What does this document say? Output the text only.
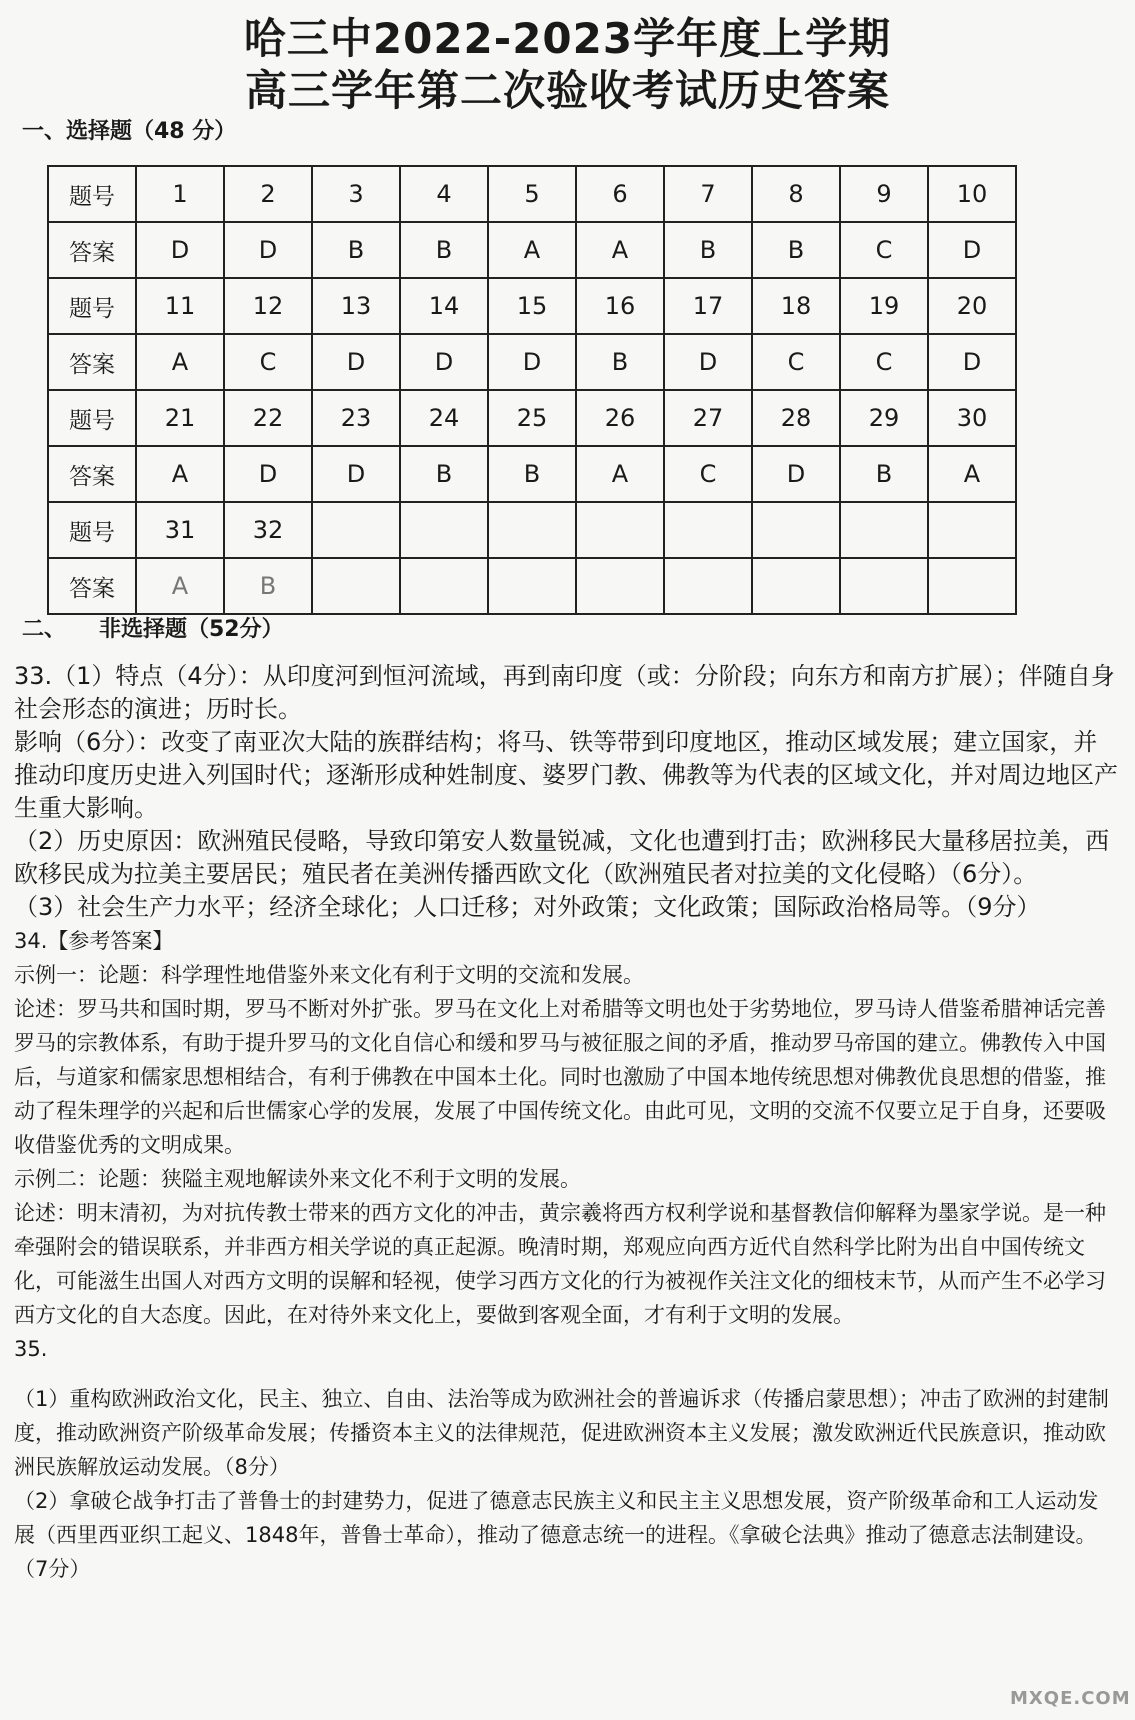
哈三中2022-2023学年度上学期
高三学年第二次验收考试历史答案
一、选择题（48 分）
题号	1	2	3	4	5	6	7	8	9	10
答案	D	D	B	B	A	A	B	B	C	D
题号	11	12	13	14	15	16	17	18	19	20
答案	A	C	D	D	D	B	D	C	C	D
题号	21	22	23	24	25	26	27	28	29	30
答案	A	D	D	B	B	A	C	D	B	A
题号	31	32								
答案	A	B								
二、　　非选择题（52分）

33.（1）特点（4分）：从印度河到恒河流域，再到南印度（或：分阶段；向东方和南方扩展）；伴随自身社会形态的演进；历时长。

影响（6分）：改变了南亚次大陆的族群结构；将马、铁等带到印度地区，推动区域发展；建立国家，并推动印度历史进入列国时代；逐渐形成种姓制度、婆罗门教、佛教等为代表的区域文化，并对周边地区产生重大影响。

（2）历史原因：欧洲殖民侵略，导致印第安人数量锐减，文化也遭到打击；欧洲移民大量移居拉美，西欧移民成为拉美主要居民；殖民者在美洲传播西欧文化（欧洲殖民者对拉美的文化侵略）（6分）。

（3）社会生产力水平；经济全球化；人口迁移；对外政策；文化政策；国际政治格局等。（9分）

34.【参考答案】

示例一：论题：科学理性地借鉴外来文化有利于文明的交流和发展。

论述：罗马共和国时期，罗马不断对外扩张。罗马在文化上对希腊等文明也处于劣势地位，罗马诗人借鉴希腊神话完善罗马的宗教体系，有助于提升罗马的文化自信心和缓和罗马与被征服之间的矛盾，推动罗马帝国的建立。佛教传入中国后，与道家和儒家思想相结合，有利于佛教在中国本土化。同时也激励了中国本地传统思想对佛教优良思想的借鉴，推动了程朱理学的兴起和后世儒家心学的发展，发展了中国传统文化。由此可见，文明的交流不仅要立足于自身，还要吸收借鉴优秀的文明成果。

示例二：论题：狭隘主观地解读外来文化不利于文明的发展。

论述：明末清初，为对抗传教士带来的西方文化的冲击，黄宗羲将西方权利学说和基督教信仰解释为墨家学说。是一种牵强附会的错误联系，并非西方相关学说的真正起源。晚清时期，郑观应向西方近代自然科学比附为出自中国传统文化，可能滋生出国人对西方文明的误解和轻视，使学习西方文化的行为被视作关注文化的细枝末节，从而产生不必学习西方文化的自大态度。因此，在对待外来文化上，要做到客观全面，才有利于文明的发展。

35.

（1）重构欧洲政治文化，民主、独立、自由、法治等成为欧洲社会的普遍诉求（传播启蒙思想）；冲击了欧洲的封建制度，推动欧洲资产阶级革命发展；传播资本主义的法律规范，促进欧洲资本主义发展；激发欧洲近代民族意识，推动欧洲民族解放运动发展。（8分）

（2）拿破仑战争打击了普鲁士的封建势力，促进了德意志民族主义和民主主义思想发展，资产阶级革命和工人运动发展（西里西亚织工起义、1848年，普鲁士革命），推动了德意志统一的进程。《拿破仑法典》推动了德意志法制建设。（7分）

MXQE.COM
